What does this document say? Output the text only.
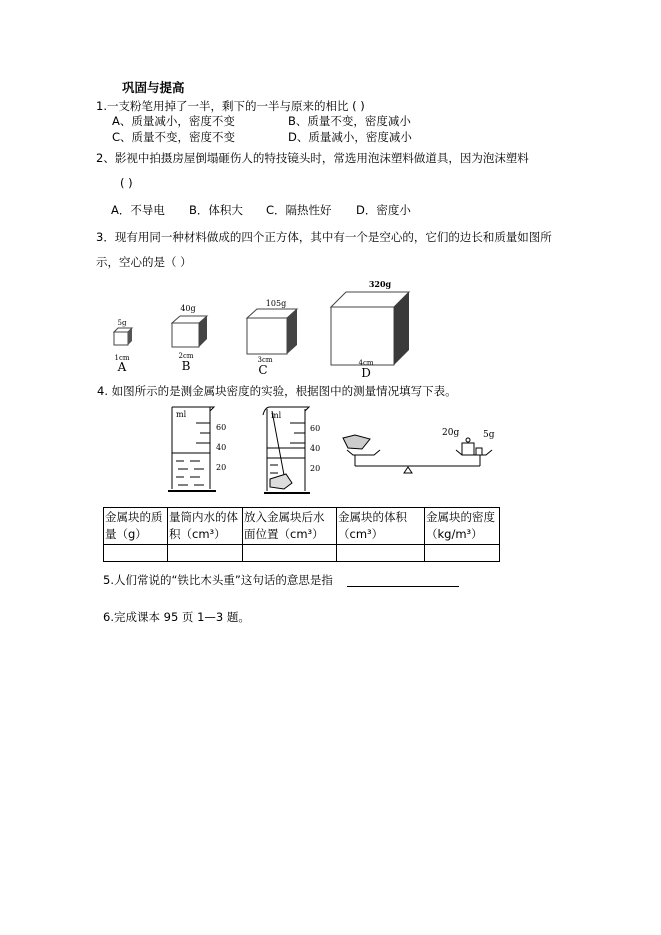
巩固与提高
1.一支粉笔用掉了一半，剩下的一半与原来的相比 ( )
A、质量减小，密度不变	B、质量不变，密度减小
C、质量不变，密度不变	D、质量减小，密度减小
2、影视中拍摄房屋倒塌砸伤人的特技镜头时，常选用泡沫塑料做道具，因为泡沫塑料
( )
A．不导电 B．体积大 C．隔热性好 D．密度小
3．现有用同一种材料做成的四个正方体，其中有一个是空心的，它们的边长和质量如图所
示，空心的是（ ）
5g
1cm
A
40g
2cm
B
105g
3cm
C
320g
4cm
D
4. 如图所示的是测金属块密度的实验，根据图中的测量情况填写下表。
ml
60
40
20
ml
60
40
20
20g	5g
金属块的质量（g）	量筒内水的体积（cm³）	放入金属块后水面位置（cm³）	金属块的体积（cm³）	金属块的密度（kg/m³）

5.人们常说的“铁比木头重”这句话的意思是指
6.完成课本 95 页 1—3 题。
